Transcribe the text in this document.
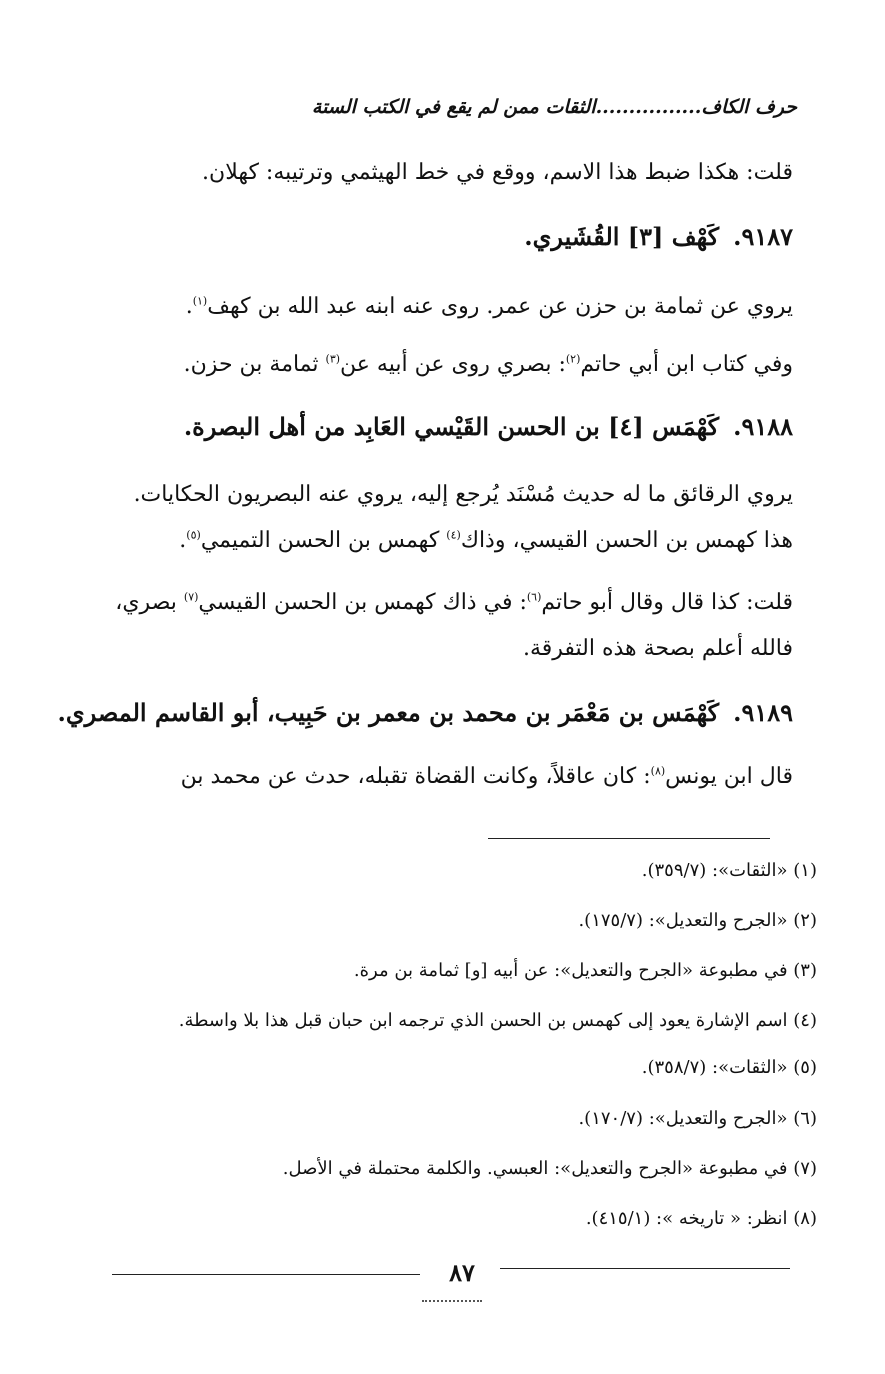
حرف الكاف................الثقات ممن لم يقع في الكتب الستة
قلت: هكذا ضبط هذا الاسم، ووقع في خط الهيثمي وترتيبه: كهلان.
٩١٨٧.كَهْف [٣] القُشَيري.
يروي عن ثمامة بن حزن عن عمر. روى عنه ابنه عبد الله بن كهف$^{(١)}$.
وفي كتاب ابن أبي حاتم$^{(٢)}$: بصري روى عن أبيه عن$^{(٣)}$ ثمامة بن حزن.
٩١٨٨.كَهْمَس [٤] بن الحسن القَيْسي العَابِد من أهل البصرة.
يروي الرقائق ما له حديث مُسْنَد يُرجع إليه، يروي عنه البصريون الحكايات.
هذا كهمس بن الحسن القيسي، وذاك$^{(٤)}$ كهمس بن الحسن التميمي$^{(٥)}$.
قلت: كذا قال وقال أبو حاتم$^{(٦)}$: في ذاك كهمس بن الحسن القيسي$^{(٧)}$ بصري،
فالله أعلم بصحة هذه التفرقة.
٩١٨٩.كَهْمَس بن مَعْمَر بن محمد بن معمر بن حَبِيب، أبو القاسم المصري.
قال ابن يونس$^{(٨)}$: كان عاقلاً، وكانت القضاة تقبله، حدث عن محمد بن
(١) «الثقات»: (٣٥٩/٧).
(٢) «الجرح والتعديل»: (١٧٥/٧).
(٣) في مطبوعة «الجرح والتعديل»: عن أبيه [و] ثمامة بن مرة.
(٤) اسم الإشارة يعود إلى كهمس بن الحسن الذي ترجمه ابن حبان قبل هذا بلا واسطة.
(٥) «الثقات»: (٣٥٨/٧).
(٦) «الجرح والتعديل»: (١٧٠/٧).
(٧) في مطبوعة «الجرح والتعديل»: العبسي. والكلمة محتملة في الأصل.
(٨) انظر: « تاريخه »: (٤١٥/١).
٨٧
